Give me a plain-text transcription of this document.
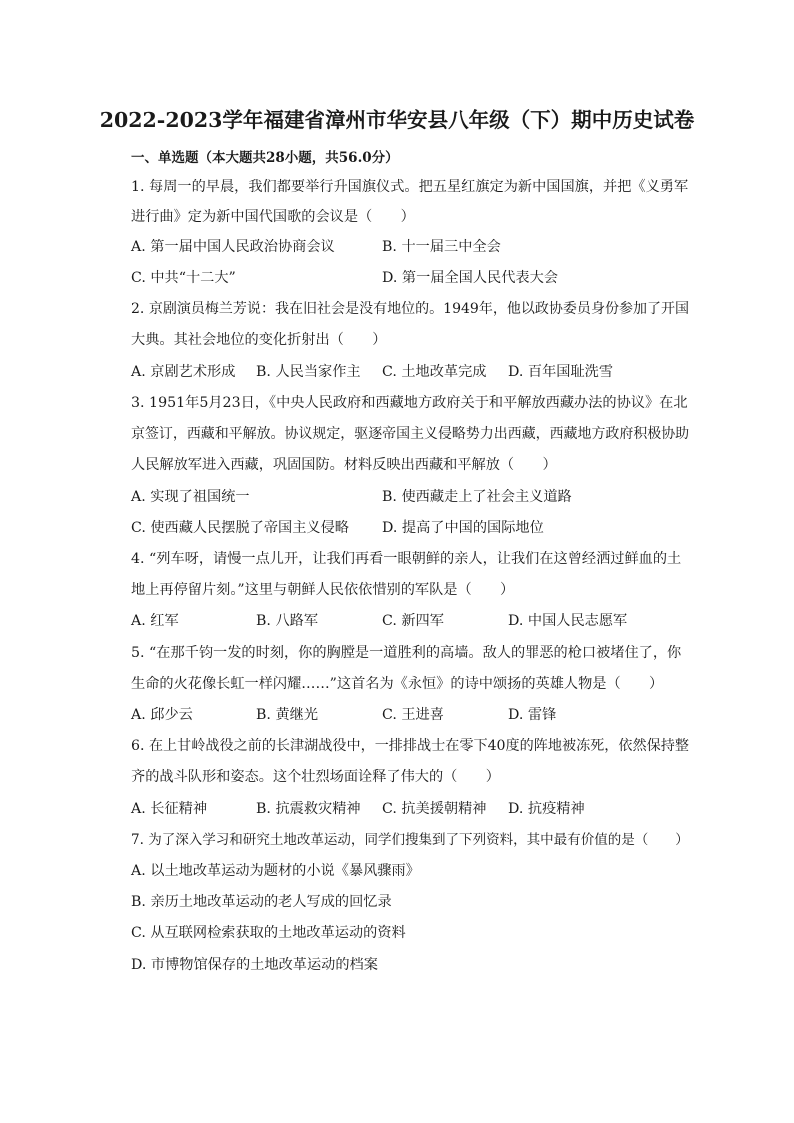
2022-2023学年福建省漳州市华安县八年级（下）期中历史试卷
一、单选题（本大题共28小题，共56.0分）
1. 每周一的早晨，我们都要举行升国旗仪式。把五星红旗定为新中国国旗，并把《义勇军
进行曲》定为新中国代国歌的会议是（　　）
A. 第一届中国人民政治协商会议	B. 十一届三中全会
C. 中共“十二大”	D. 第一届全国人民代表大会
2. 京剧演员梅兰芳说：我在旧社会是没有地位的。1949年，他以政协委员身份参加了开国
大典。其社会地位的变化折射出（　　）
A. 京剧艺术形成 B. 人民当家作主 C. 土地改革完成 D. 百年国耻洗雪
3. 1951年5月23日，《中央人民政府和西藏地方政府关于和平解放西藏办法的协议》在北
京签订，西藏和平解放。协议规定，驱逐帝国主义侵略势力出西藏，西藏地方政府积极协助
人民解放军进入西藏，巩固国防。材料反映出西藏和平解放（　　）
A. 实现了祖国统一	B. 使西藏走上了社会主义道路
C. 使西藏人民摆脱了帝国主义侵略 D. 提高了中国的国际地位
4. “列车呀，请慢一点儿开，让我们再看一眼朝鲜的亲人，让我们在这曾经洒过鲜血的土
地上再停留片刻。”这里与朝鲜人民依依惜别的军队是（　　）
A. 红军	B. 八路军	C. 新四军	D. 中国人民志愿军
5. “在那千钧一发的时刻，你的胸膛是一道胜利的高墙。敌人的罪恶的枪口被堵住了，你
生命的火花像长虹一样闪耀……”这首名为《永恒》的诗中颂扬的英雄人物是（　　）
A. 邱少云	B. 黄继光	C. 王进喜	D. 雷锋
6. 在上甘岭战役之前的长津湖战役中，一排排战士在零下40度的阵地被冻死，依然保持整
齐的战斗队形和姿态。这个壮烈场面诠释了伟大的（　　）
A. 长征精神	B. 抗震救灾精神 C. 抗美援朝精神 D. 抗疫精神
7. 为了深入学习和研究土地改革运动，同学们搜集到了下列资料，其中最有价值的是（　　）
A. 以土地改革运动为题材的小说《暴风骤雨》
B. 亲历土地改革运动的老人写成的回忆录
C. 从互联网检索获取的土地改革运动的资料
D. 市博物馆保存的土地改革运动的档案
